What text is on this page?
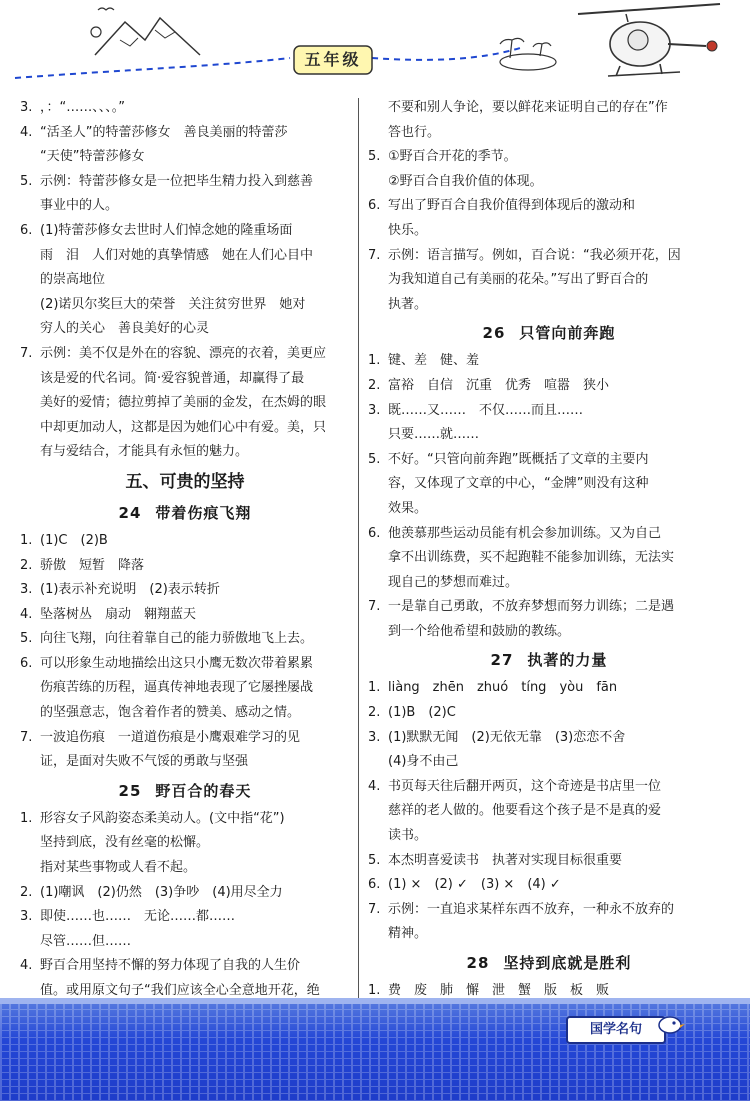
五年级
3. ，：“……、、、。”
4. “活圣人”的特蕾莎修女　善良美丽的特蕾莎
“天使”特蕾莎修女
5. 示例：特蕾莎修女是一位把毕生精力投入到慈善
事业中的人。
6. (1)特蕾莎修女去世时人们悼念她的隆重场面
雨　泪　人们对她的真挚情感　她在人们心目中
的崇高地位
(2)诺贝尔奖巨大的荣誉　关注贫穷世界　她对
穷人的关心　善良美好的心灵
7. 示例：美不仅是外在的容貌、漂亮的衣着，美更应
该是爱的代名词。简·爱容貌普通，却赢得了最
美好的爱情；德拉剪掉了美丽的金发，在杰姆的眼
中却更加动人，这都是因为她们心中有爱。美，只
有与爱结合，才能具有永恒的魅力。
五、可贵的坚持
24 带着伤痕飞翔
1. (1)C　(2)B
2. 骄傲　短暂　降落
3. (1)表示补充说明　(2)表示转折
4. 坠落树丛　扇动　翱翔蓝天
5. 向往飞翔，向往着靠自己的能力骄傲地飞上去。
6. 可以形象生动地描绘出这只小鹰无数次带着累累
伤痕苦练的历程，逼真传神地表现了它屡挫屡战
的坚强意志，饱含着作者的赞美、感动之情。
7. 一波追伤痕　一道道伤痕是小鹰艰难学习的见
证，是面对失败不气馁的勇敢与坚强
25 野百合的春天
1. 形容女子风韵姿态柔美动人。(文中指“花”)
坚持到底，没有丝毫的松懈。
指对某些事物或人看不起。
2. (1)嘲讽　(2)仍然　(3)争吵　(4)用尽全力
3. 即使……也……　无论……都……
尽管……但……
4. 野百合用坚持不懈的努力体现了自我的人生价
值。或用原文句子“我们应该全心全意地开花，绝
不要和别人争论，要以鲜花来证明自己的存在”作
答也行。
5. ①野百合开花的季节。
②野百合自我价值的体现。
6. 写出了野百合自我价值得到体现后的激动和
快乐。
7. 示例：语言描写。例如，百合说：“我必须开花，因
为我知道自己有美丽的花朵。”写出了野百合的
执著。
26 只管向前奔跑
1. 键、差　健、羞
2. 富裕　自信　沉重　优秀　喧嚣　狭小
3. 既……又……　不仅……而且……
只要……就……
5. 不好。“只管向前奔跑”既概括了文章的主要内
容，又体现了文章的中心，“金牌”则没有这种
效果。
6. 他羡慕那些运动员能有机会参加训练。又为自己
拿不出训练费，买不起跑鞋不能参加训练，无法实
现自己的梦想而难过。
7. 一是靠自己勇敢，不放弃梦想而努力训练；二是遇
到一个给他希望和鼓励的教练。
27 执著的力量
1. liàng　zhēn　zhuó　tíng　yòu　fān
2. (1)B　(2)C
3. (1)默默无闻　(2)无依无靠　(3)恋恋不舍
(4)身不由己
4. 书页每天往后翻开两页，这个奇迹是书店里一位
慈祥的老人做的。他要看这个孩子是不是真的爱
读书。
5. 本杰明喜爱读书　执著对实现目标很重要
6. (1) ×　(2) ✓　(3) ×　(4) ✓
7. 示例：一直追求某样东西不放弃，一种永不放弃的
精神。
28 坚持到底就是胜利
1. 费　废　肺　懈　泄　蟹　版　板　贩
国学名句
